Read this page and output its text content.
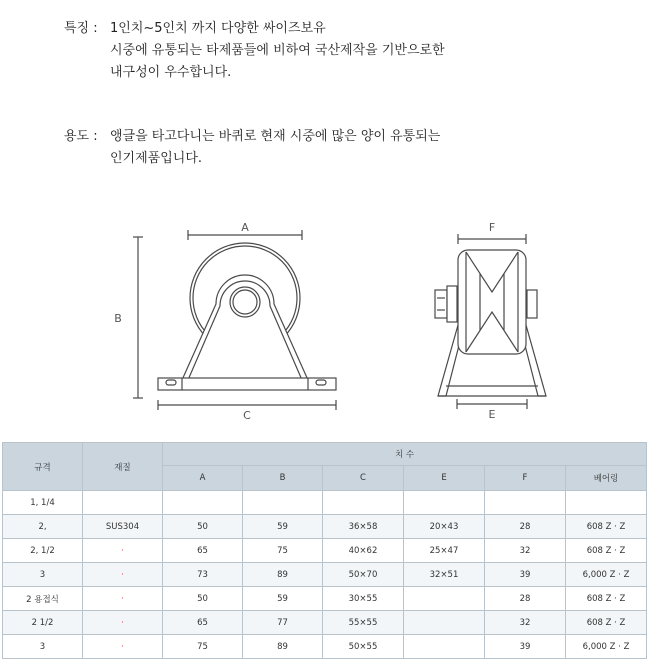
특징 : 1인치~5인치 까지 다양한 싸이즈보유
시중에 유통되는 타제품들에 비하여 국산제작을 기반으로한
내구성이 우수합니다.
용도 : 앵글을 타고다니는 바퀴로 현재 시중에 많은 양이 유통되는
인기제품입니다.
A
B
C
F
E
규격	재질	치 수					
		A	B	C	E	F	베어링
1, 1/4							
2,	SUS304	50	59	36×58	20×43	28	608 Z · Z
2, 1/2	·	65	75	40×62	25×47	32	608 Z · Z
3	·	73	89	50×70	32×51	39	6,000 Z · Z
2 용접식	·	50	59	30×55		28	608 Z · Z
2 1/2	·	65	77	55×55		32	608 Z · Z
3	·	75	89	50×55		39	6,000 Z · Z
